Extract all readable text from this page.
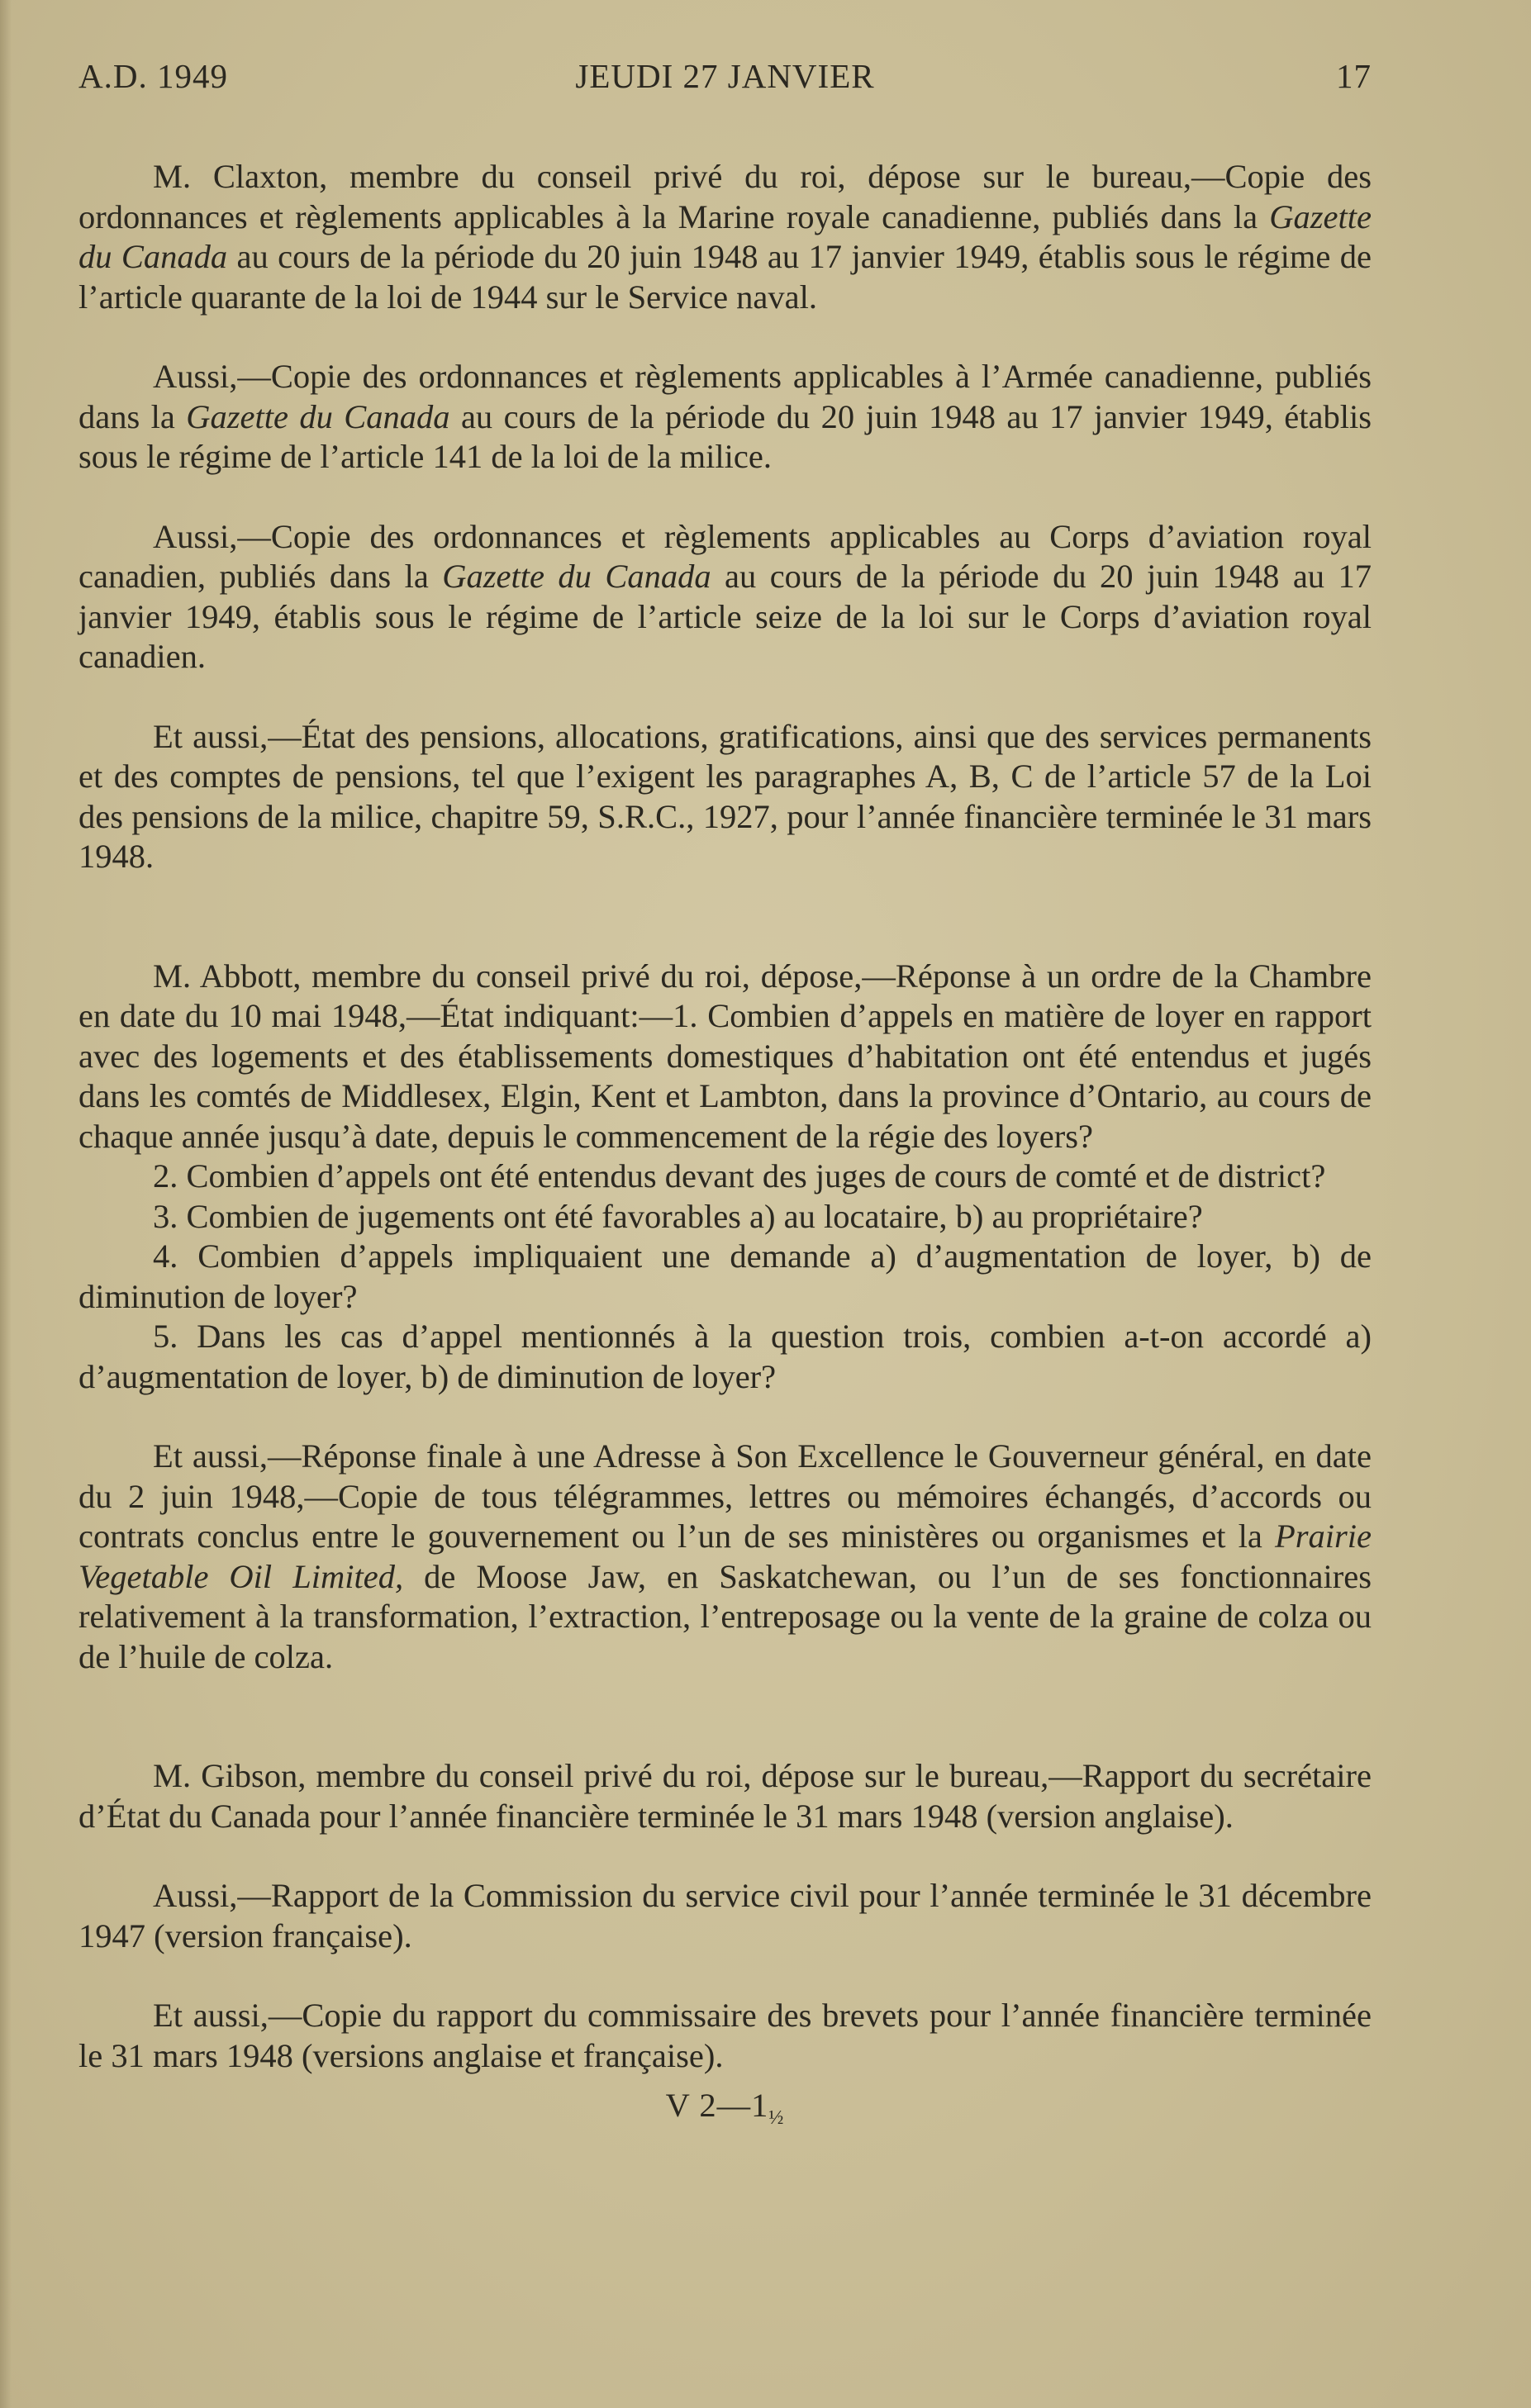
A.D. 1949	JEUDI 27 JANVIER	17

M. Claxton, membre du conseil privé du roi, dépose sur le bureau,—Copie des ordonnances et règlements applicables à la Marine royale canadienne, publiés dans la Gazette du Canada au cours de la période du 20 juin 1948 au 17 janvier 1949, établis sous le régime de l’article quarante de la loi de 1944 sur le Service naval.

Aussi,—Copie des ordonnances et règlements applicables à l’Armée canadienne, publiés dans la Gazette du Canada au cours de la période du 20 juin 1948 au 17 janvier 1949, établis sous le régime de l’article 141 de la loi de la milice.

Aussi,—Copie des ordonnances et règlements applicables au Corps d’aviation royal canadien, publiés dans la Gazette du Canada au cours de la période du 20 juin 1948 au 17 janvier 1949, établis sous le régime de l’article seize de la loi sur le Corps d’aviation royal canadien.

Et aussi,—État des pensions, allocations, gratifications, ainsi que des services permanents et des comptes de pensions, tel que l’exigent les paragraphes A, B, C de l’article 57 de la Loi des pensions de la milice, chapitre 59, S.R.C., 1927, pour l’année financière terminée le 31 mars 1948.

M. Abbott, membre du conseil privé du roi, dépose,—Réponse à un ordre de la Chambre en date du 10 mai 1948,—État indiquant:—1. Combien d’appels en matière de loyer en rapport avec des logements et des établissements domestiques d’habitation ont été entendus et jugés dans les comtés de Middlesex, Elgin, Kent et Lambton, dans la province d’Ontario, au cours de chaque année jusqu’à date, depuis le commencement de la régie des loyers?

2. Combien d’appels ont été entendus devant des juges de cours de comté et de district?

3. Combien de jugements ont été favorables a) au locataire, b) au propriétaire?

4. Combien d’appels impliquaient une demande a) d’augmentation de loyer, b) de diminution de loyer?

5. Dans les cas d’appel mentionnés à la question trois, combien a-t-on accordé a) d’augmentation de loyer, b) de diminution de loyer?

Et aussi,—Réponse finale à une Adresse à Son Excellence le Gouverneur général, en date du 2 juin 1948,—Copie de tous télégrammes, lettres ou mémoires échangés, d’accords ou contrats conclus entre le gouvernement ou l’un de ses ministères ou organismes et la Prairie Vegetable Oil Limited, de Moose Jaw, en Saskatchewan, ou l’un de ses fonctionnaires relativement à la transformation, l’extraction, l’entreposage ou la vente de la graine de colza ou de l’huile de colza.

M. Gibson, membre du conseil privé du roi, dépose sur le bureau,—Rapport du secrétaire d’État du Canada pour l’année financière terminée le 31 mars 1948 (version anglaise).

Aussi,—Rapport de la Commission du service civil pour l’année terminée le 31 décembre 1947 (version française).

Et aussi,—Copie du rapport du commissaire des brevets pour l’année financière terminée le 31 mars 1948 (versions anglaise et française).

V $2—1_{\frac{1}{2}}$
